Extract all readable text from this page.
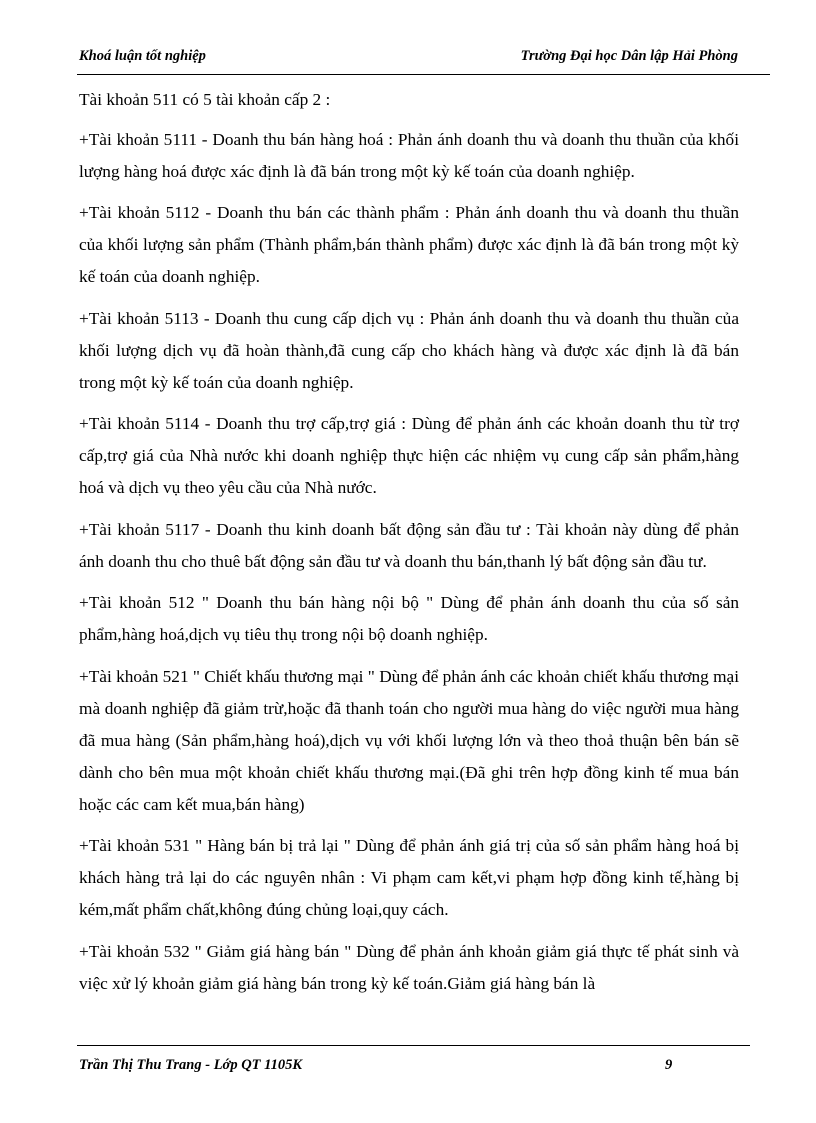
Khoá luận tốt nghiệp	Trường Đại học Dân lập Hải Phòng

Tài khoản 511 có 5 tài khoản cấp 2 :

+Tài khoản 5111 - Doanh thu bán hàng hoá : Phản ánh doanh thu và doanh thu thuần của khối lượng hàng hoá được xác định là đã bán trong một kỳ kế toán của doanh nghiệp.

+Tài khoản 5112 - Doanh thu bán các thành phẩm : Phản ánh doanh thu và doanh thu thuần của khối lượng sản phẩm (Thành phẩm,bán thành phẩm) được xác định là đã bán trong một kỳ kế toán của doanh nghiệp.

+Tài khoản 5113 - Doanh thu cung cấp dịch vụ : Phản ánh doanh thu và doanh thu thuần của khối lượng dịch vụ đã hoàn thành,đã cung cấp cho khách hàng và được xác định là đã bán trong một kỳ kế toán của doanh nghiệp.

+Tài khoản 5114 - Doanh thu trợ cấp,trợ giá : Dùng để phản ánh các khoản doanh thu từ trợ cấp,trợ giá của Nhà nước khi doanh nghiệp thực hiện các nhiệm vụ cung cấp sản phẩm,hàng hoá và dịch vụ theo yêu cầu của Nhà nước.

+Tài khoản 5117 - Doanh thu kinh doanh bất động sản đầu tư : Tài khoản này dùng để phản ánh doanh thu cho thuê bất động sản đầu tư và doanh thu bán,thanh lý bất động sản đầu tư.

+Tài khoản 512 " Doanh thu bán hàng nội bộ " Dùng để phản ánh doanh thu của số sản phẩm,hàng hoá,dịch vụ tiêu thụ trong nội bộ doanh nghiệp.

+Tài khoản 521 " Chiết khấu thương mại " Dùng để phản ánh các khoản chiết khấu thương mại mà doanh nghiệp đã giảm trừ,hoặc đã thanh toán cho người mua hàng do việc người mua hàng đã mua hàng (Sản phẩm,hàng hoá),dịch vụ với khối lượng lớn và theo thoả thuận bên bán sẽ dành cho bên mua một khoản chiết khấu thương mại.(Đã ghi trên hợp đồng kinh tế mua bán hoặc các cam kết mua,bán hàng)

+Tài khoản 531 " Hàng bán bị trả lại " Dùng để phản ánh giá trị của số sản phẩm hàng hoá bị khách hàng trả lại do các nguyên nhân : Vi phạm cam kết,vi phạm hợp đồng kinh tế,hàng bị kém,mất phẩm chất,không đúng chủng loại,quy cách.

+Tài khoản 532 " Giảm giá hàng bán " Dùng để phản ánh khoản giảm giá thực tế phát sinh và việc xử lý khoản giảm giá hàng bán trong kỳ kế toán.Giảm giá hàng bán là

Trần Thị Thu Trang - Lớp QT 1105K	9
